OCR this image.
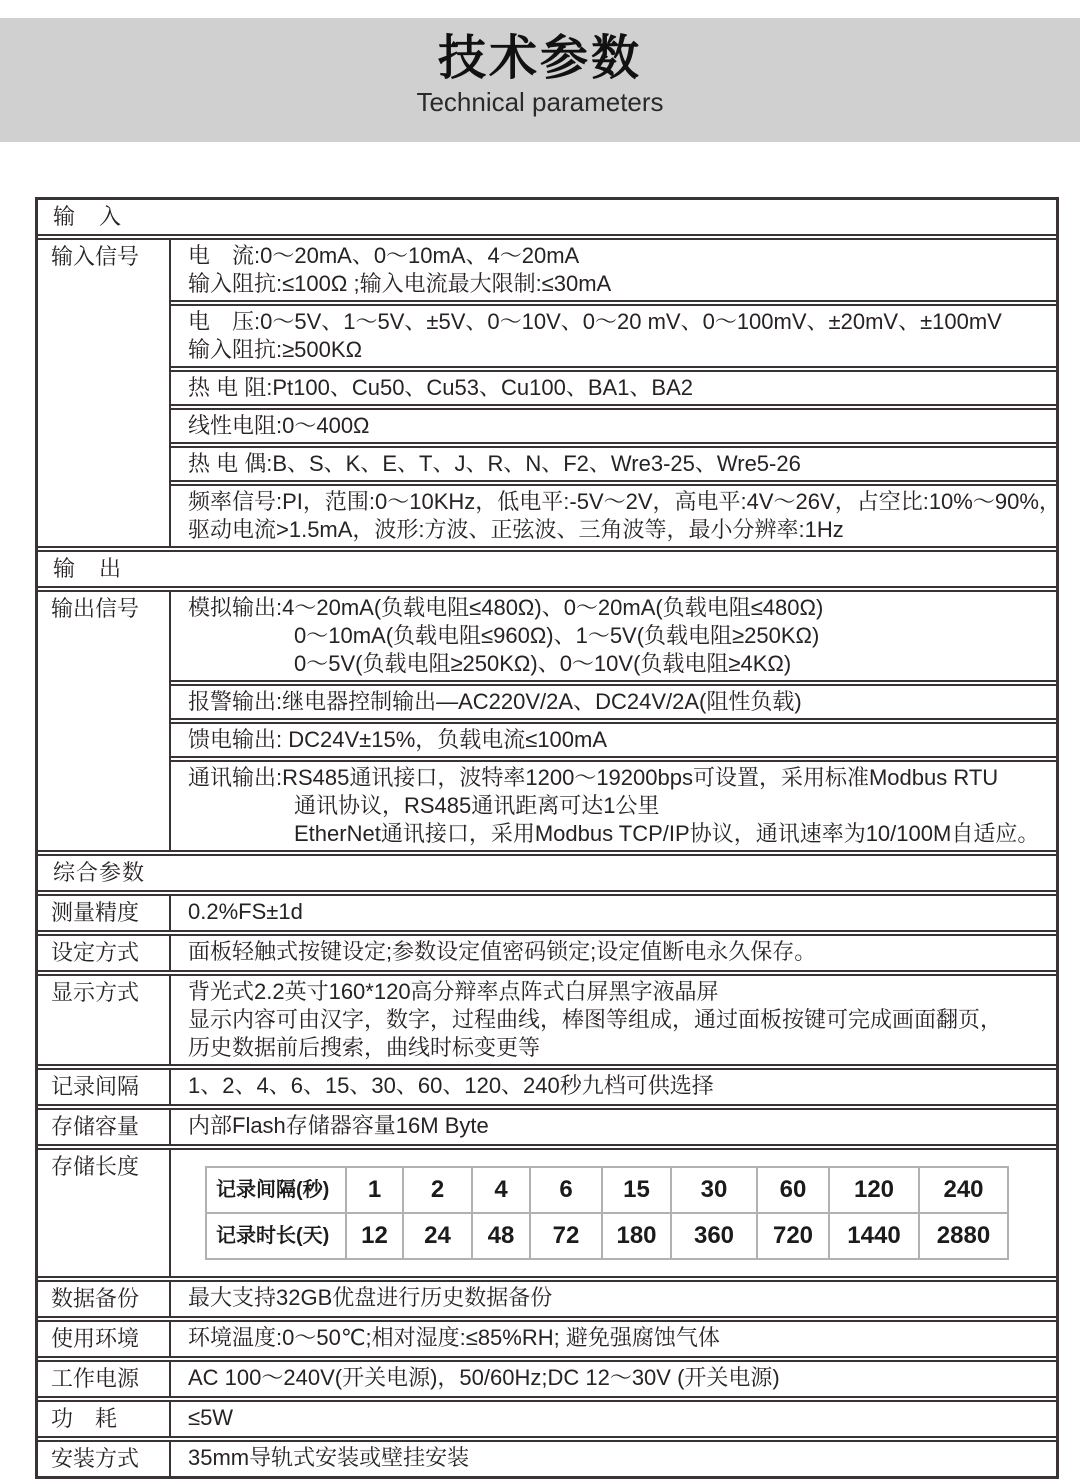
技术参数
Technical parameters
输　入
输入信号	电　流:0～20mA、0～10mA、4～20mA
输入阻抗:≤100Ω ;输入电流最大限制:≤30mA
电　压:0～5V、1～5V、±5V、0～10V、0～20 mV、0～100mV、±20mV、±100mV
输入阻抗:≥500KΩ
热 电 阻:Pt100、Cu50、Cu53、Cu100、BA1、BA2
线性电阻:0～400Ω
热 电 偶:B、S、K、E、T、J、R、N、F2、Wre3-25、Wre5-26
频率信号:PI，范围:0～10KHz，低电平:-5V～2V，高电平:4V～26V，占空比:10%～90%，
驱动电流>1.5mA，波形:方波、正弦波、三角波等，最小分辨率:1Hz
输　出
输出信号	模拟输出:4～20mA(负载电阻≤480Ω)、0～20mA(负载电阻≤480Ω)
0～10mA(负载电阻≤960Ω)、1～5V(负载电阻≥250KΩ)
0～5V(负载电阻≥250KΩ)、0～10V(负载电阻≥4KΩ)
报警输出:继电器控制输出—AC220V/2A、DC24V/2A(阻性负载)
馈电输出: DC24V±15%，负载电流≤100mA
通讯输出:RS485通讯接口，波特率1200～19200bps可设置，采用标准Modbus RTU
通讯协议，RS485通讯距离可达1公里
EtherNet通讯接口，采用Modbus TCP/IP协议，通讯速率为10/100M自适应。
综合参数
测量精度	0.2%FS±1d
设定方式	面板轻触式按键设定;参数设定值密码锁定;设定值断电永久保存。
显示方式	背光式2.2英寸160*120高分辩率点阵式白屏黑字液晶屏
显示内容可由汉字，数字，过程曲线，棒图等组成，通过面板按键可完成画面翻页，
历史数据前后搜索，曲线时标变更等
记录间隔	1、2、4、6、15、30、60、120、240秒九档可供选择
存储容量	内部Flash存储器容量16M Byte
存储长度
记录间隔(秒)	1	2	4	6	15	30	60	120	240
记录时长(天)	12	24	48	72	180	360	720	1440	2880
数据备份	最大支持32GB优盘进行历史数据备份
使用环境	环境温度:0～50℃;相对湿度:≤85%RH; 避免强腐蚀气体
工作电源	AC 100～240V(开关电源)，50/60Hz;DC 12～30V (开关电源)
功　耗	≤5W
安装方式	35mm导轨式安装或壁挂安装
